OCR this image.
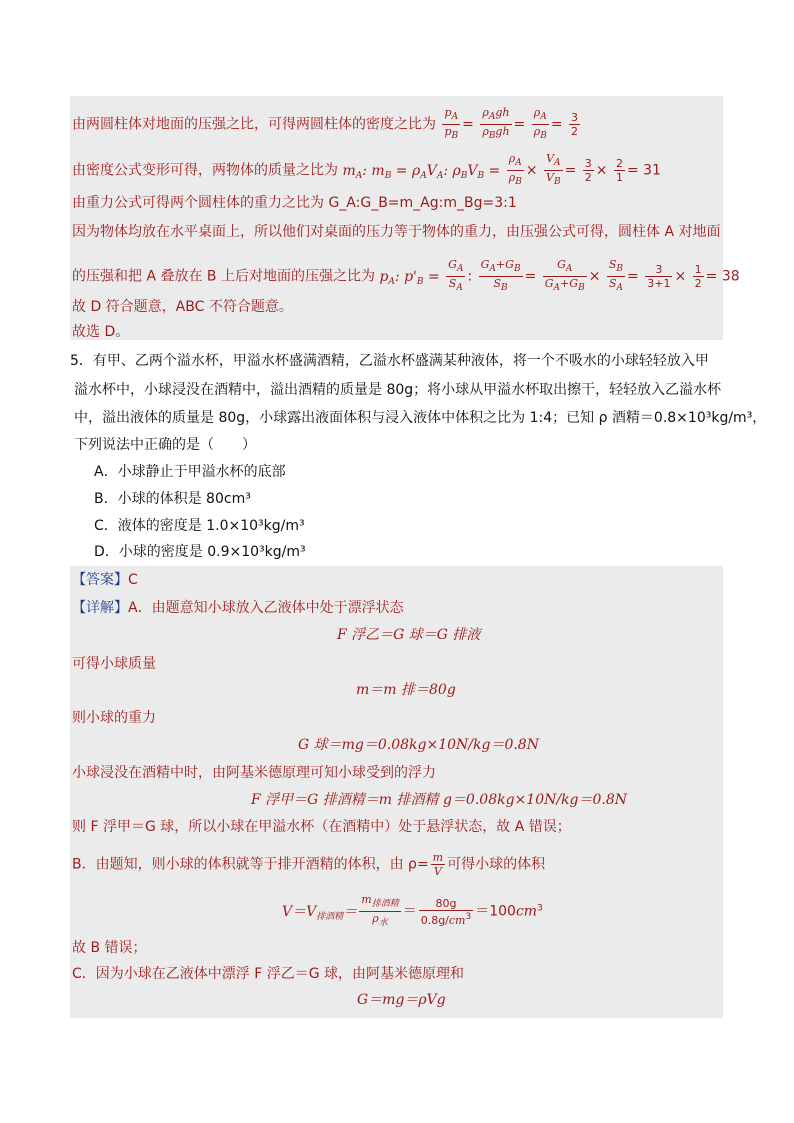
由两圆柱体对地面的压强之比，可得两圆柱体的密度之比为 $\frac{p_A}{p_B} = \frac{\rho_Agh}{\rho_Bgh} = \frac{\rho_A}{\rho_B} = \frac{3}{2}$
由密度公式变形可得，两物体的质量之比为 $m_A$: $m_B = \rho_AV_A$: $\rho_BV_B = \frac{\rho_A}{\rho_B} \times \frac{V_A}{V_B} = \frac{3}{2} \times \frac{2}{1} = 31$
由重力公式可得两个圆柱体的重力之比为 G_A:G_B=m_Ag:m_Bg=3:1
因为物体均放在水平桌面上，所以他们对桌面的压力等于物体的重力，由压强公式可得，圆柱体 A 对地面
的压强和把 A 叠放在 B 上后对地面的压强之比为 $p_A$: $p'_B = \frac{G_A}{S_A}$ : $\frac{G_A+G_B}{S_B} = \frac{G_A}{G_A+G_B} \times \frac{S_B}{S_A} = \frac{3}{3+1} \times \frac{1}{2} = 38$
故 D 符合题意，ABC 不符合题意。
故选 D。
5．有甲、乙两个溢水杯，甲溢水杯盛满酒精，乙溢水杯盛满某种液体，将一个不吸水的小球轻轻放入甲
溢水杯中，小球浸没在酒精中，溢出酒精的质量是 80g；将小球从甲溢水杯取出擦干，轻轻放入乙溢水杯
中，溢出液体的质量是 80g，小球露出液面体积与浸入液体中体积之比为 1:4；已知 ρ 酒精＝0.8×10³kg/m³，
下列说法中正确的是（　　）
A．小球静止于甲溢水杯的底部
B．小球的体积是 80cm³
C．液体的密度是 1.0×10³kg/m³
D．小球的密度是 0.9×10³kg/m³
【答案】C
【详解】A．由题意知小球放入乙液体中处于漂浮状态
F 浮乙＝G 球＝G 排液
可得小球质量
m＝m 排＝80g
则小球的重力
G 球＝mg＝0.08kg×10N/kg＝0.8N
小球浸没在酒精中时，由阿基米德原理可知小球受到的浮力
F 浮甲＝G 排酒精＝m 排酒精 g＝0.08kg×10N/kg＝0.8N
则 F 浮甲＝G 球，所以小球在甲溢水杯（在酒精中）处于悬浮状态，故 A 错误；
B．由题知，则小球的体积就等于排开酒精的体积，由 $\rho= \frac{m}{V}$ 可得小球的体积
$V=V_{排酒精}= \frac{m_{排酒精}}{\rho_水} = \frac{80g}{0.8g/cm^3} =100cm^3$
故 B 错误；
C．因为小球在乙液体中漂浮 F 浮乙＝G 球，由阿基米德原理和
G＝mg＝ρVg
